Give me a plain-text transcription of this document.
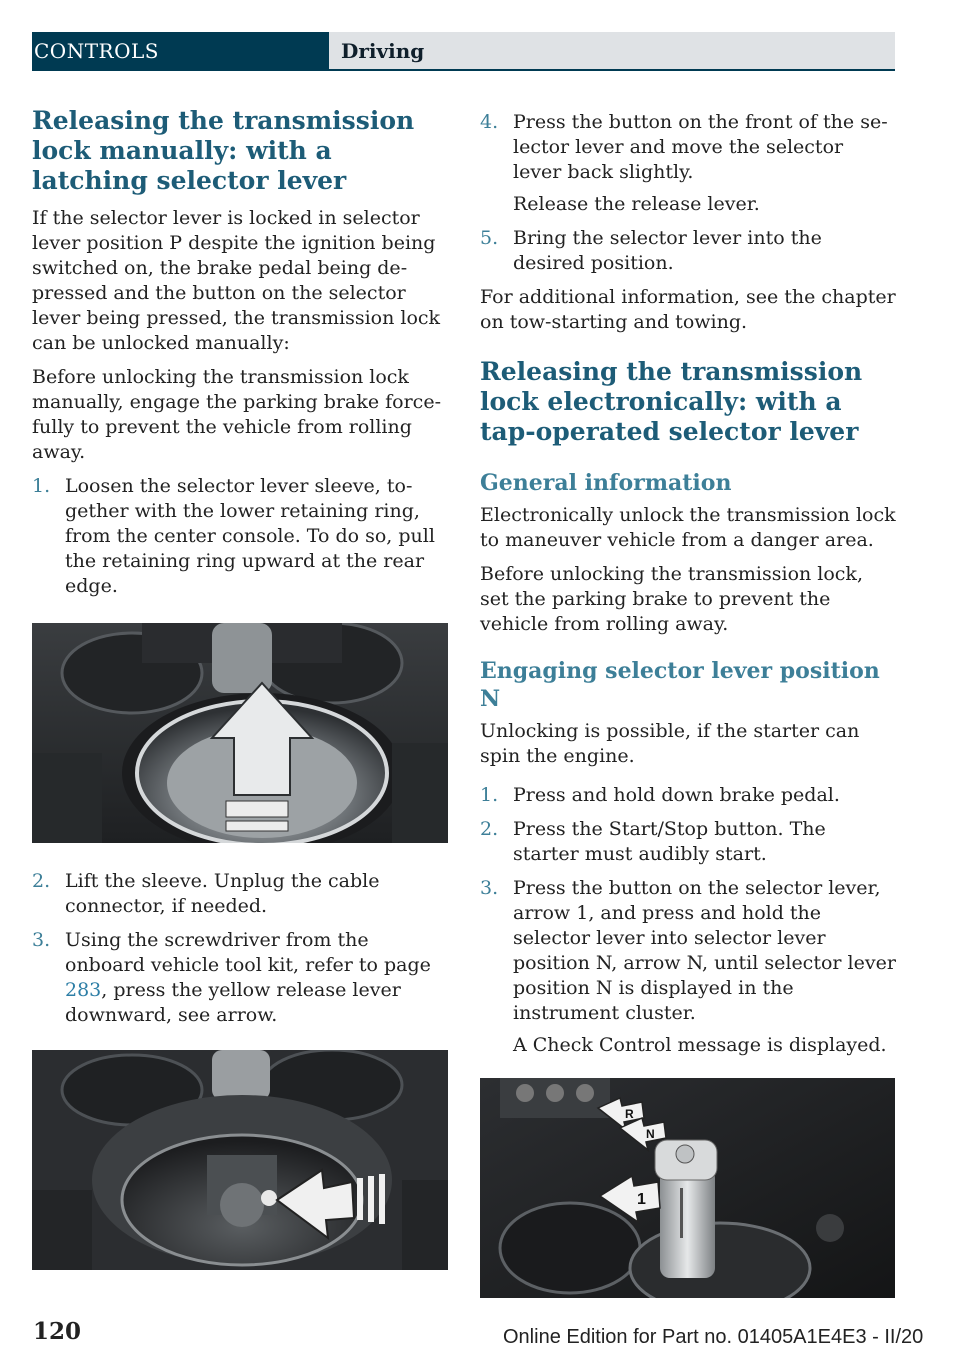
CONTROLS	Driving
Releasing the transmission lock manually: with a latching selector lever

If the selector lever is locked in selector lever position P despite the ignition being switched on, the brake pedal being depressed and the button on the selector lever being pressed, the transmission lock can be unlocked manually:

Before unlocking the transmission lock manually, engage the parking brake forcefully to prevent the vehicle from rolling away.

1. Loosen the selector lever sleeve, together with the lower retaining ring, from the center console. To do so, pull the retaining ring upward at the rear edge.
2. Lift the sleeve. Unplug the cable connector, if needed.
3. Using the screwdriver from the onboard vehicle tool kit, refer to page 283, press the yellow release lever downward, see arrow.
4. Press the button on the front of the selector lever and move the selector lever back slightly.
Release the release lever.
5. Bring the selector lever into the desired position.

For additional information, see the chapter on tow-starting and towing.

Releasing the transmission lock electronically: with a tap-operated selector lever
General information

Electronically unlock the transmission lock to maneuver vehicle from a danger area.

Before unlocking the transmission lock, set the parking brake to prevent the vehicle from rolling away.

Engaging selector lever position N

Unlocking is possible, if the starter can spin the engine.

1. Press and hold down brake pedal.
2. Press the Start/Stop button. The starter must audibly start.
3. Press the button on the selector lever, arrow 1, and press and hold the selector lever into selector lever position N, arrow N, until selector lever position N is displayed in the instrument cluster.
A Check Control message is displayed.
R
N
1
120	Online Edition for Part no. 01405A1E4E3 - II/20
